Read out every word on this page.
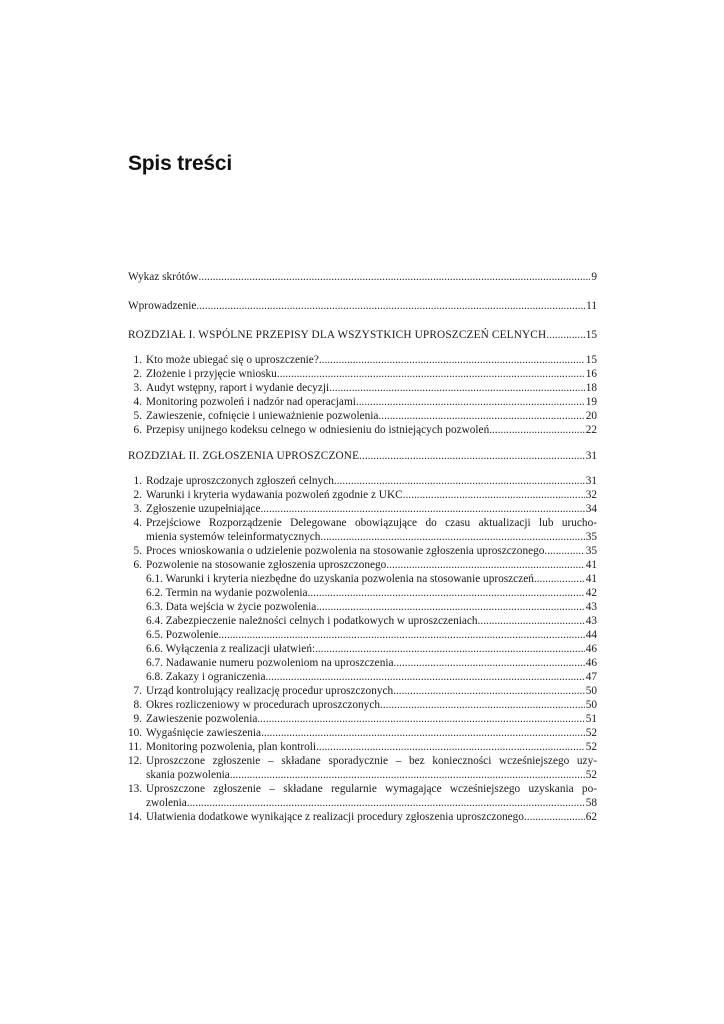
Spis treści
Wykaz skrótów .....	9
Wprowadzenie .....	11
ROZDZIAŁ I. WSPÓLNE PRZEPISY DLA WSZYSTKICH UPROSZCZEŃ CELNYCH .....	15
1. Kto może ubiegać się o uproszczenie? .....	15
2. Złożenie i przyjęcie wniosku .....	16
3. Audyt wstępny, raport i wydanie decyzji .....	18
4. Monitoring pozwoleń i nadzór nad operacjami .....	19
5. Zawieszenie, cofnięcie i unieważnienie pozwolenia .....	20
6. Przepisy unijnego kodeksu celnego w odniesieniu do istniejących pozwoleń. .....	22
ROZDZIAŁ II. ZGŁOSZENIA UPROSZCZONE .....	31
1. Rodzaje uproszczonych zgłoszeń celnych .....	31
2. Warunki i kryteria wydawania pozwoleń zgodnie z UKC .....	32
3. Zgłoszenie uzupełniające .....	34
4. Przejściowe Rozporządzenie Delegowane obowiązujące do czasu aktualizacji lub urucho-
mienia systemów teleinformatycznych .....	35
5. Proces wnioskowania o udzielenie pozwolenia na stosowanie zgłoszenia uproszczonego .....	35
6. Pozwolenie na stosowanie zgłoszenia uproszczonego .....	41
6.1. Warunki i kryteria niezbędne do uzyskania pozwolenia na stosowanie uproszczeń .....	41
6.2. Termin na wydanie pozwolenia .....	42
6.3. Data wejścia w życie pozwolenia .....	43
6.4. Zabezpieczenie należności celnych i podatkowych w uproszczeniach .....	43
6.5. Pozwolenie .....	44
6.6. Wyłączenia z realizacji ułatwień: .....	46
6.7. Nadawanie numeru pozwoleniom na uproszczenia .....	46
6.8. Zakazy i ograniczenia .....	47
7. Urząd kontrolujący realizację procedur uproszczonych .....	50
8. Okres rozliczeniowy w procedurach uproszczonych .....	50
9. Zawieszenie pozwolenia .....	51
10. Wygaśnięcie zawieszenia .....	52
11. Monitoring pozwolenia, plan kontroli .....	52
12. Uproszczone zgłoszenie – składane sporadycznie – bez konieczności wcześniejszego uzy-
skania pozwolenia .....	52
13. Uproszczone zgłoszenie – składane regularnie wymagające wcześniejszego uzyskania po-
zwolenia .....	58
14. Ułatwienia dodatkowe wynikające z realizacji procedury zgłoszenia uproszczonego .....	62
